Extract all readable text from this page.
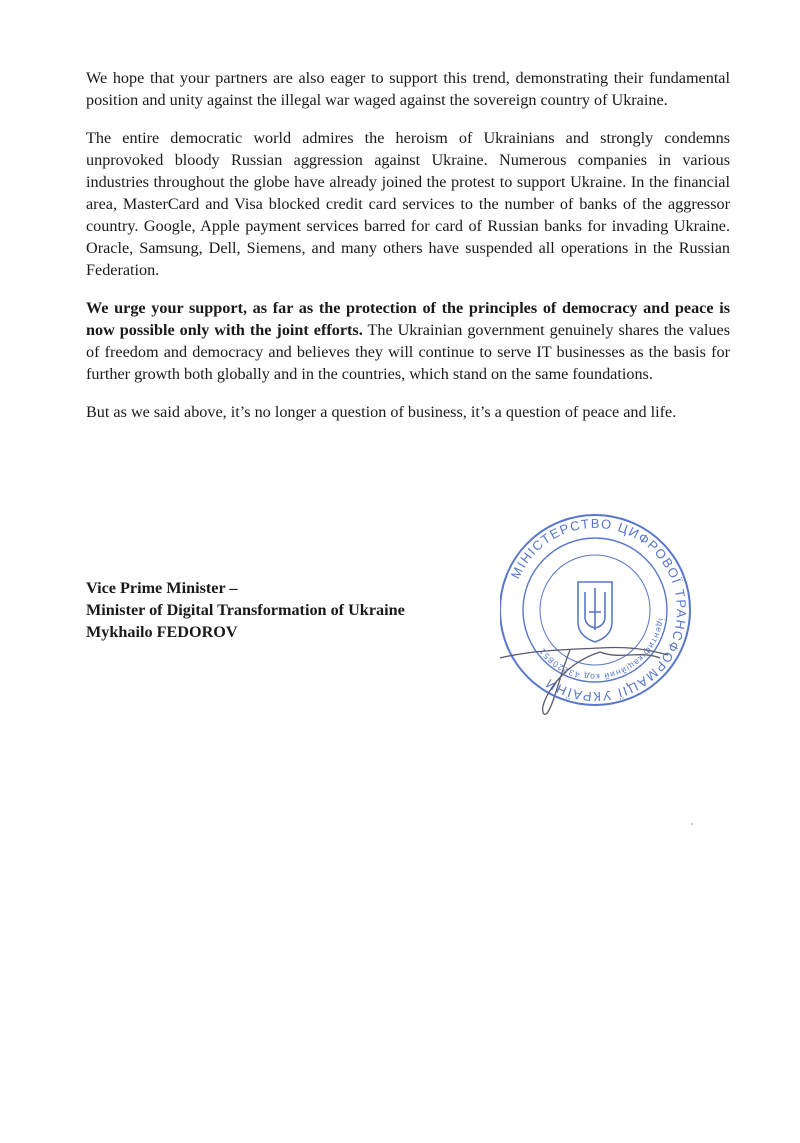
We hope that your partners are also eager to support this trend, demonstrating their fundamental position and unity against the illegal war waged against the sovereign country of Ukraine.

The entire democratic world admires the heroism of Ukrainians and strongly condemns unprovoked bloody Russian aggression against Ukraine. Numerous companies in various industries throughout the globe have already joined the protest to support Ukraine. In the financial area, MasterCard and Visa blocked credit card services to the number of banks of the aggressor country. Google, Apple payment services barred for card of Russian banks for invading Ukraine. Oracle, Samsung, Dell, Siemens, and many others have suspended all operations in the Russian Federation.

We urge your support, as far as the protection of the principles of democracy and peace is now possible only with the joint efforts. The Ukrainian government genuinely shares the values of freedom and democracy and believes they will continue to serve IT businesses as the basis for further growth both globally and in the countries, which stand on the same foundations.

But as we said above, it’s no longer a question of business, it’s a question of peace and life.

Vice Prime Minister –
Minister of Digital Transformation of Ukraine
Mykhailo FEDOROV
МІНІСТЕРСТВО ЦИФРОВОЇ ТРАНСФОРМАЦІЇ УКРАЇНИ
ідентифікаційний код 43220851
